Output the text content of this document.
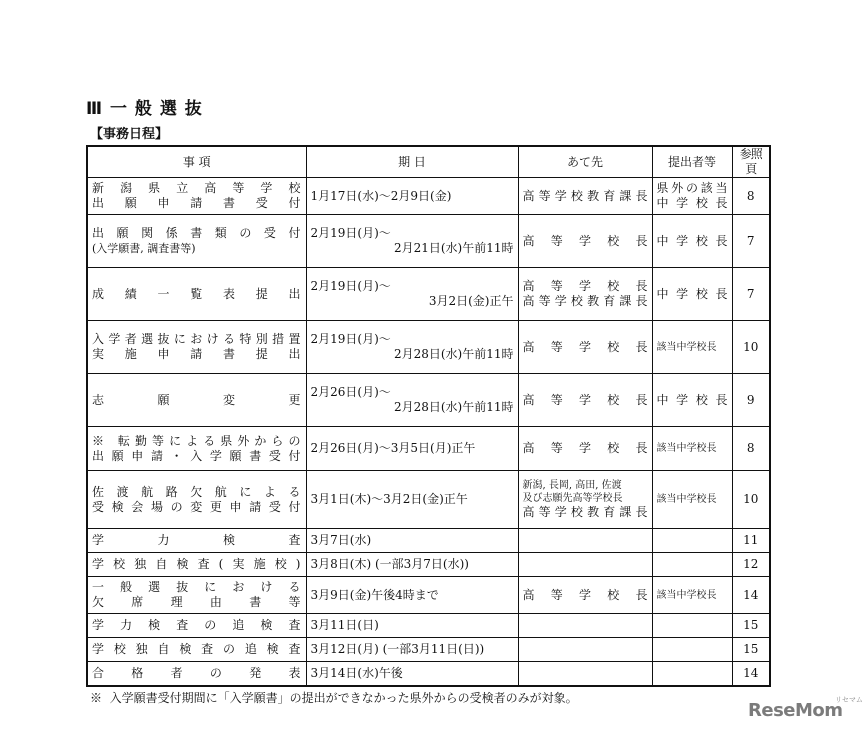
Ⅲ 一 般 選 抜
【事務日程】
事 項	期 日	あて先	提出者等	参照頁

新潟県立高等学校
出願申請書受付	1月17日(水)～2月9日(金)	高等学校教育課長	県外の該当
中学校長	8

出願関係書類の受付
(入学願書, 調査書等)	2月19日(月)～
2月21日(水)午前11時	高等学校長	中学校長	7

成績一覧表提出	2月19日(月)～
3月2日(金)正午	高等学校長
高等学校教育課長	中学校長	7

入学者選抜における特別措置
実施申請書提出	2月19日(月)～
2月28日(水)午前11時	高等学校長	該当中学校長	10

志願変更	2月26日(月)～
2月28日(水)午前11時	高等学校長	中学校長	9

※ 転勤等による県外からの
出願申請・入学願書受付	2月26日(月)～3月5日(月)正午	高等学校長	該当中学校長	8

佐渡航路欠航による
受検会場の変更申請受付	3月1日(木)～3月2日(金)正午	新潟, 長岡, 高田, 佐渡
及び志願先高等学校長
高等学校教育課長	該当中学校長	10

学力検査	3月7日(水)			11

学校独自検査(実施校)	3月8日(木) (一部3月7日(水))			12

一般選抜における
欠席理由書等	3月9日(金)午後4時まで	高等学校長	該当中学校長	14

学力検査の追検査	3月11日(日)			15

学校独自検査の追検査	3月12日(月) (一部3月11日(日))			15

合格者の発表	3月14日(水)午後			14
※  入学願書受付期間に「入学願書」の提出ができなかった県外からの受検者のみが対象。
ReseMom
リセマム
